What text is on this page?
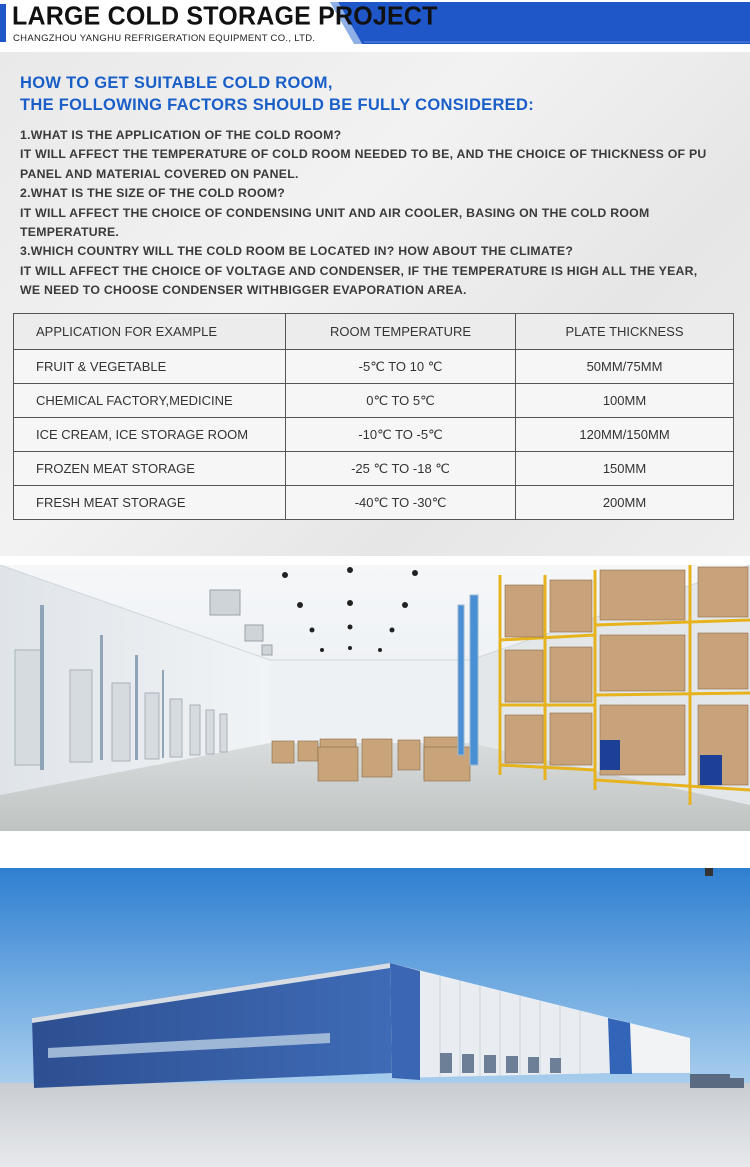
LARGE COLD STORAGE PROJECT
CHANGZHOU YANGHU REFRIGERATION EQUIPMENT CO., LTD.
HOW TO GET SUITABLE COLD ROOM,
THE FOLLOWING FACTORS SHOULD BE FULLY CONSIDERED:

1.WHAT IS THE APPLICATION OF THE COLD ROOM?

IT WILL AFFECT THE TEMPERATURE OF COLD ROOM NEEDED TO BE, AND THE CHOICE OF THICKNESS OF PU

PANEL AND MATERIAL COVERED ON PANEL.

2.WHAT IS THE SIZE OF THE COLD ROOM?

IT WILL AFFECT THE CHOICE OF CONDENSING UNIT AND AIR COOLER, BASING ON THE COLD ROOM

TEMPERATURE.

3.WHICH COUNTRY WILL THE COLD ROOM BE LOCATED IN? HOW ABOUT THE CLIMATE?

IT WILL AFFECT THE CHOICE OF VOLTAGE AND CONDENSER, IF THE TEMPERATURE IS HIGH ALL THE YEAR,

WE NEED TO CHOOSE CONDENSER WITHBIGGER EVAPORATION AREA.

APPLICATION FOR EXAMPLE	ROOM TEMPERATURE	PLATE THICKNESS
FRUIT & VEGETABLE	-5℃ TO 10 ℃	50MM/75MM
CHEMICAL FACTORY,MEDICINE	0℃ TO 5℃	100MM
ICE CREAM, ICE STORAGE ROOM	-10℃ TO -5℃	120MM/150MM
FROZEN MEAT STORAGE	-25 ℃ TO -18 ℃	150MM
FRESH MEAT STORAGE	-40℃ TO -30℃	200MM
